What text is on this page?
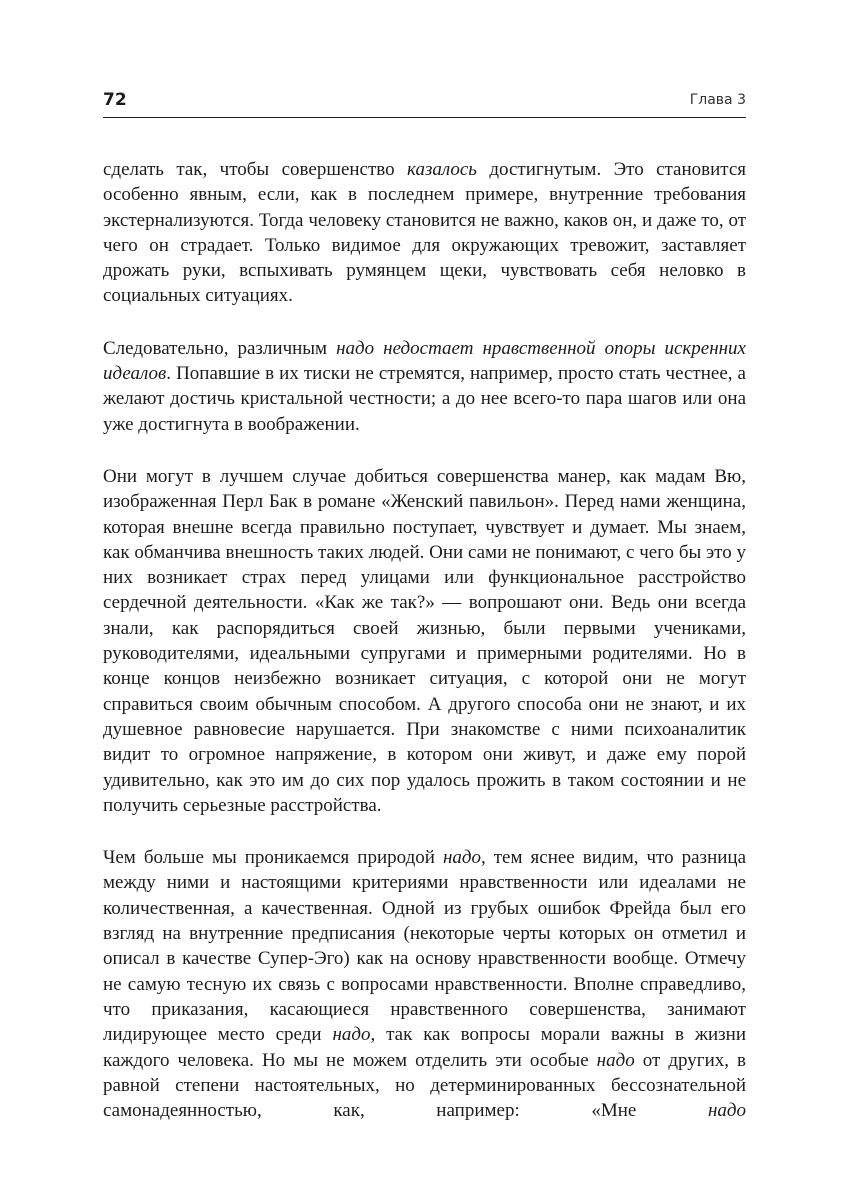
72	Глава 3

сделать так, чтобы совершенство казалось достигнутым. Это становится особенно явным, если, как в последнем примере, внутренние требования экстернализуются. Тогда человеку становится не важно, каков он, и даже то, от чего он страдает. Только видимое для окружающих тревожит, заставляет дрожать руки, вспыхивать румянцем щеки, чувствовать себя неловко в социальных ситуациях.

Следовательно, различным надо недостает нравственной опоры искренних идеалов. Попавшие в их тиски не стремятся, например, просто стать честнее, а желают достичь кристальной честности; а до нее всего-то пара шагов или она уже достигнута в воображении.

Они могут в лучшем случае добиться совершенства манер, как мадам Вю, изображенная Перл Бак в романе «Женский павильон». Перед нами женщина, которая внешне всегда правильно поступает, чувствует и думает. Мы знаем, как обманчива внешность таких людей. Они сами не понимают, с чего бы это у них возникает страх перед улицами или функциональное расстройство сердечной деятельности. «Как же так?» — вопрошают они. Ведь они всегда знали, как распорядиться своей жизнью, были первыми учениками, руководителями, идеальными супругами и примерными родителями. Но в конце концов неизбежно возникает ситуация, с которой они не могут справиться своим обычным способом. А другого способа они не знают, и их душевное равновесие нарушается. При знакомстве с ними психоаналитик видит то огромное напряжение, в котором они живут, и даже ему порой удивительно, как это им до сих пор удалось прожить в таком состоянии и не получить серьезные расстройства.

Чем больше мы проникаемся природой надо, тем яснее видим, что разница между ними и настоящими критериями нравственности или идеалами не количественная, а качественная. Одной из грубых ошибок Фрейда был его взгляд на внутренние предписания (некоторые черты которых он отметил и описал в качестве Супер-Эго) как на основу нравственности вообще. Отмечу не самую тесную их связь с вопросами нравственности. Вполне справедливо, что приказания, касающиеся нравственного совершенства, занимают лидирующее место среди надо, так как вопросы морали важны в жизни каждого человека. Но мы не можем отделить эти особые надо от других, в равной степени настоятельных, но детерминированных бессознательной самонадеянностью, как, например: «Мне надо
